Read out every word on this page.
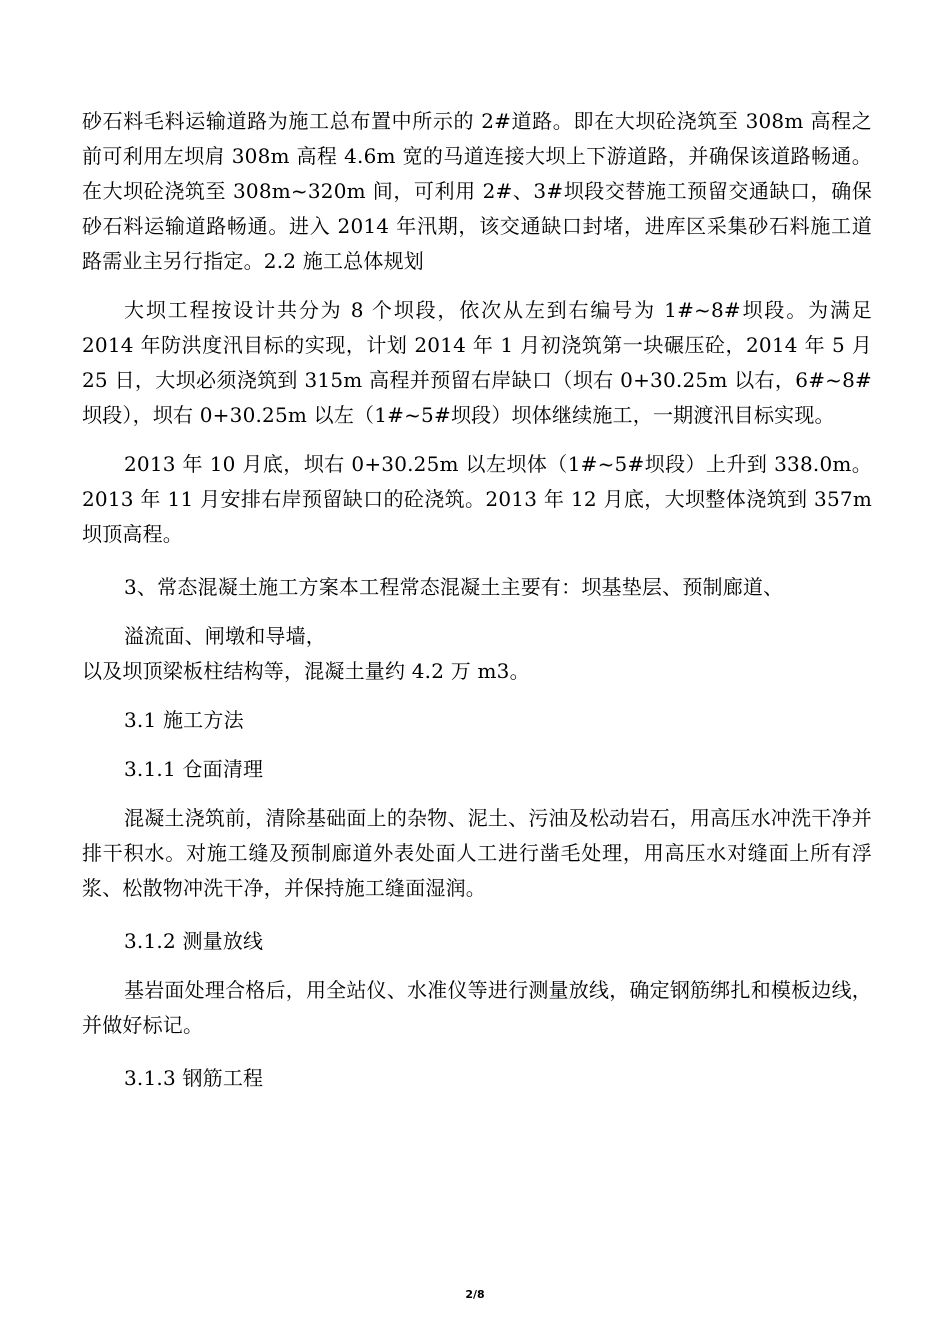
砂石料毛料运输道路为施工总布置中所示的 2#道路。即在大坝砼浇筑至 308m 高程之前可利用左坝肩 308m 高程 4.6m 宽的马道连接大坝上下游道路，并确保该道路畅通。在大坝砼浇筑至 308m~320m 间，可利用 2#、3#坝段交替施工预留交通缺口，确保砂石料运输道路畅通。进入 2014 年汛期，该交通缺口封堵，进库区采集砂石料施工道路需业主另行指定。2.2 施工总体规划

大坝工程按设计共分为 8 个坝段，依次从左到右编号为 1#~8#坝段。为满足 2014 年防洪度汛目标的实现，计划 2014 年 1 月初浇筑第一块碾压砼，2014 年 5 月 25 日，大坝必须浇筑到 315m 高程并预留右岸缺口（坝右 0+30.25m 以右，6#~8#坝段），坝右 0+30.25m 以左（1#~5#坝段）坝体继续施工，一期渡汛目标实现。

2013 年 10 月底，坝右 0+30.25m 以左坝体（1#~5#坝段）上升到 338.0m。2013 年 11 月安排右岸预留缺口的砼浇筑。2013 年 12 月底，大坝整体浇筑到 357m 坝顶高程。

3、常态混凝土施工方案本工程常态混凝土主要有：坝基垫层、预制廊道、

溢流面、闸墩和导墙，

以及坝顶梁板柱结构等，混凝土量约 4.2 万 m3。

3.1 施工方法

3.1.1 仓面清理

混凝土浇筑前，清除基础面上的杂物、泥土、污油及松动岩石，用高压水冲洗干净并排干积水。对施工缝及预制廊道外表处面人工进行凿毛处理，用高压水对缝面上所有浮浆、松散物冲洗干净，并保持施工缝面湿润。

3.1.2 测量放线

基岩面处理合格后，用全站仪、水准仪等进行测量放线，确定钢筋绑扎和模板边线，并做好标记。

3.1.3 钢筋工程

2/8
